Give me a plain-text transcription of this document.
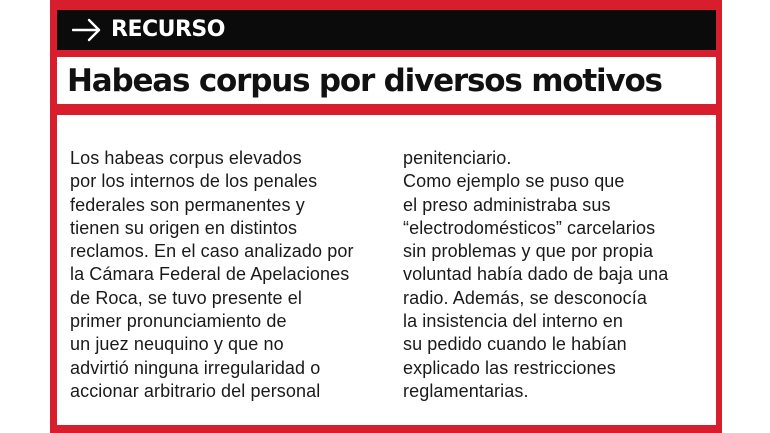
RECURSO
Habeas corpus por diversos motivos

Los habeas corpus elevados
por los internos de los penales
federales son permanentes y
tienen su origen en distintos
reclamos. En el caso analizado por
la Cámara Federal de Apelaciones
de Roca, se tuvo presente el
primer pronunciamiento de
un juez neuquino y que no
advirtió ninguna irregularidad o
accionar arbitrario del personal

penitenciario.
Como ejemplo se puso que
el preso administraba sus
“electrodomésticos” carcelarios
sin problemas y que por propia
voluntad había dado de baja una
radio. Además, se desconocía
la insistencia del interno en
su pedido cuando le habían
explicado las restricciones
reglamentarias.
